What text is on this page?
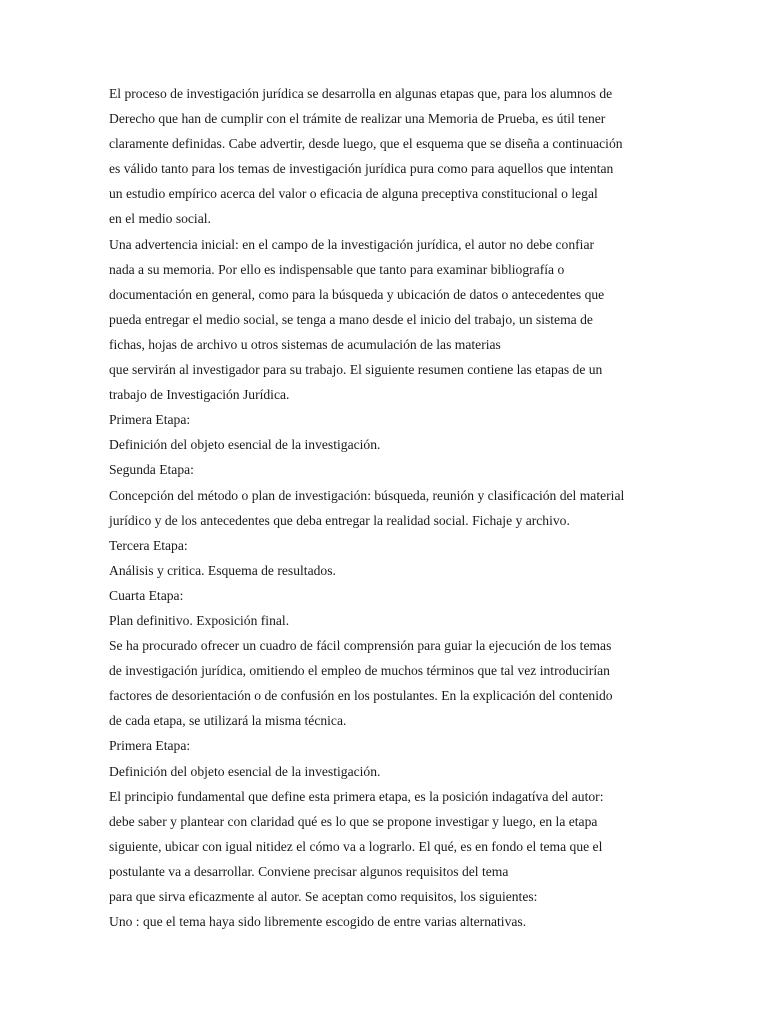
El proceso de investigación jurídica se desarrolla en algunas etapas que, para los alumnos de
Derecho que han de cumplir con el trámite de realizar una Memoria de Prueba, es útil tener
claramente definidas. Cabe advertir, desde luego, que el esquema que se diseña a continuación
es válido tanto para los temas de investigación jurídica pura como para aquellos que intentan
un estudio empírico acerca del valor o eficacia de alguna preceptiva constitucional o legal
en el medio social.
Una advertencia inicial: en el campo de la investigación jurídica, el autor no debe confiar
nada a su memoria. Por ello es indispensable que tanto para examinar bibliografía o
documentación en general, como para la búsqueda y ubicación de datos o antecedentes que
pueda entregar el medio social, se tenga a mano desde el inicio del trabajo, un sistema de
fichas, hojas de archivo u otros sistemas de acumulación de las materias
que servirán al investigador para su trabajo. El siguiente resumen contiene las etapas de un
trabajo de Investigación Jurídica.
Primera Etapa:
Definición del objeto esencial de la investigación.
Segunda Etapa:
Concepción del método o plan de investigación: búsqueda, reunión y clasificación del material
jurídico y de los antecedentes que deba entregar la realidad social. Fichaje y archivo.
Tercera Etapa:
Análisis y critica. Esquema de resultados.
Cuarta Etapa:
Plan definitivo. Exposición final.
Se ha procurado ofrecer un cuadro de fácil comprensión para guiar la ejecución de los temas
de investigación jurídica, omitiendo el empleo de muchos términos que tal vez introducirían
factores de desorientación o de confusión en los postulantes. En la explicación del contenido
de cada etapa, se utilizará la misma técnica.
Primera Etapa:
Definición del objeto esencial de la investigación.
El principio fundamental que define esta primera etapa, es la posición indagatíva del autor:
debe saber y plantear con claridad qué es lo que se propone investigar y luego, en la etapa
siguiente, ubicar con igual nitidez el cómo va a lograrlo. El qué, es en fondo el tema que el
postulante va a desarrollar. Conviene precisar algunos requisitos del tema
para que sirva eficazmente al autor. Se aceptan como requisitos, los siguientes:
Uno : que el tema haya sido libremente escogido de entre varias alternativas.
